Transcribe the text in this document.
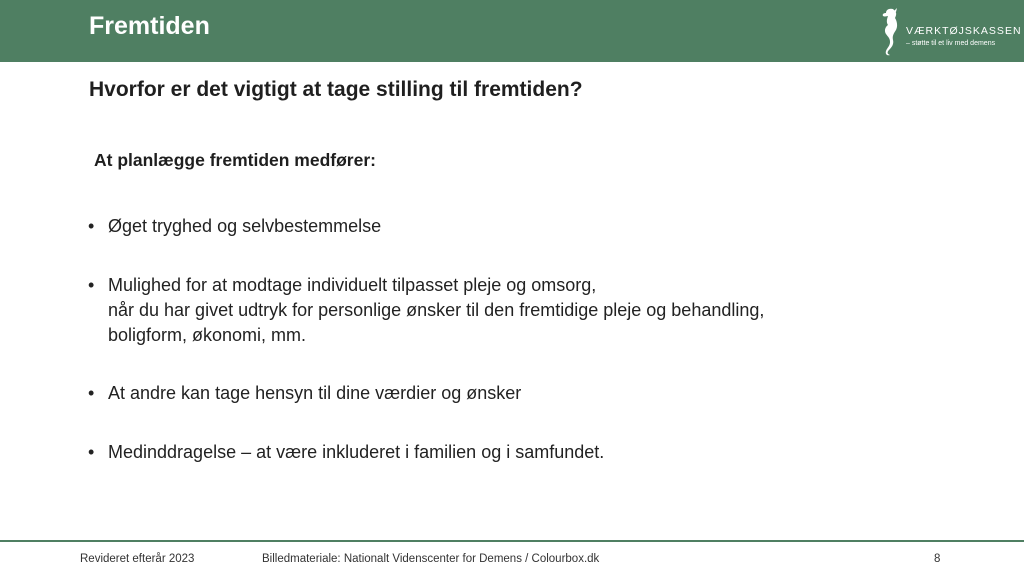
Fremtiden	VÆRKTØJSKASSEN
– støtte til et liv med demens
Hvorfor er det vigtigt at tage stilling til fremtiden?
At planlægge fremtiden medfører:
• Øget tryghed og selvbestemmelse
• Mulighed for at modtage individuelt tilpasset pleje og omsorg,
når du har givet udtryk for personlige ønsker til den fremtidige pleje og behandling,
boligform, økonomi, mm.
• At andre kan tage hensyn til dine værdier og ønsker
• Medinddragelse – at være inkluderet i familien og i samfundet.
Revideret efterår 2023	Billedmateriale: Nationalt Videnscenter for Demens / Colourbox.dk	8
